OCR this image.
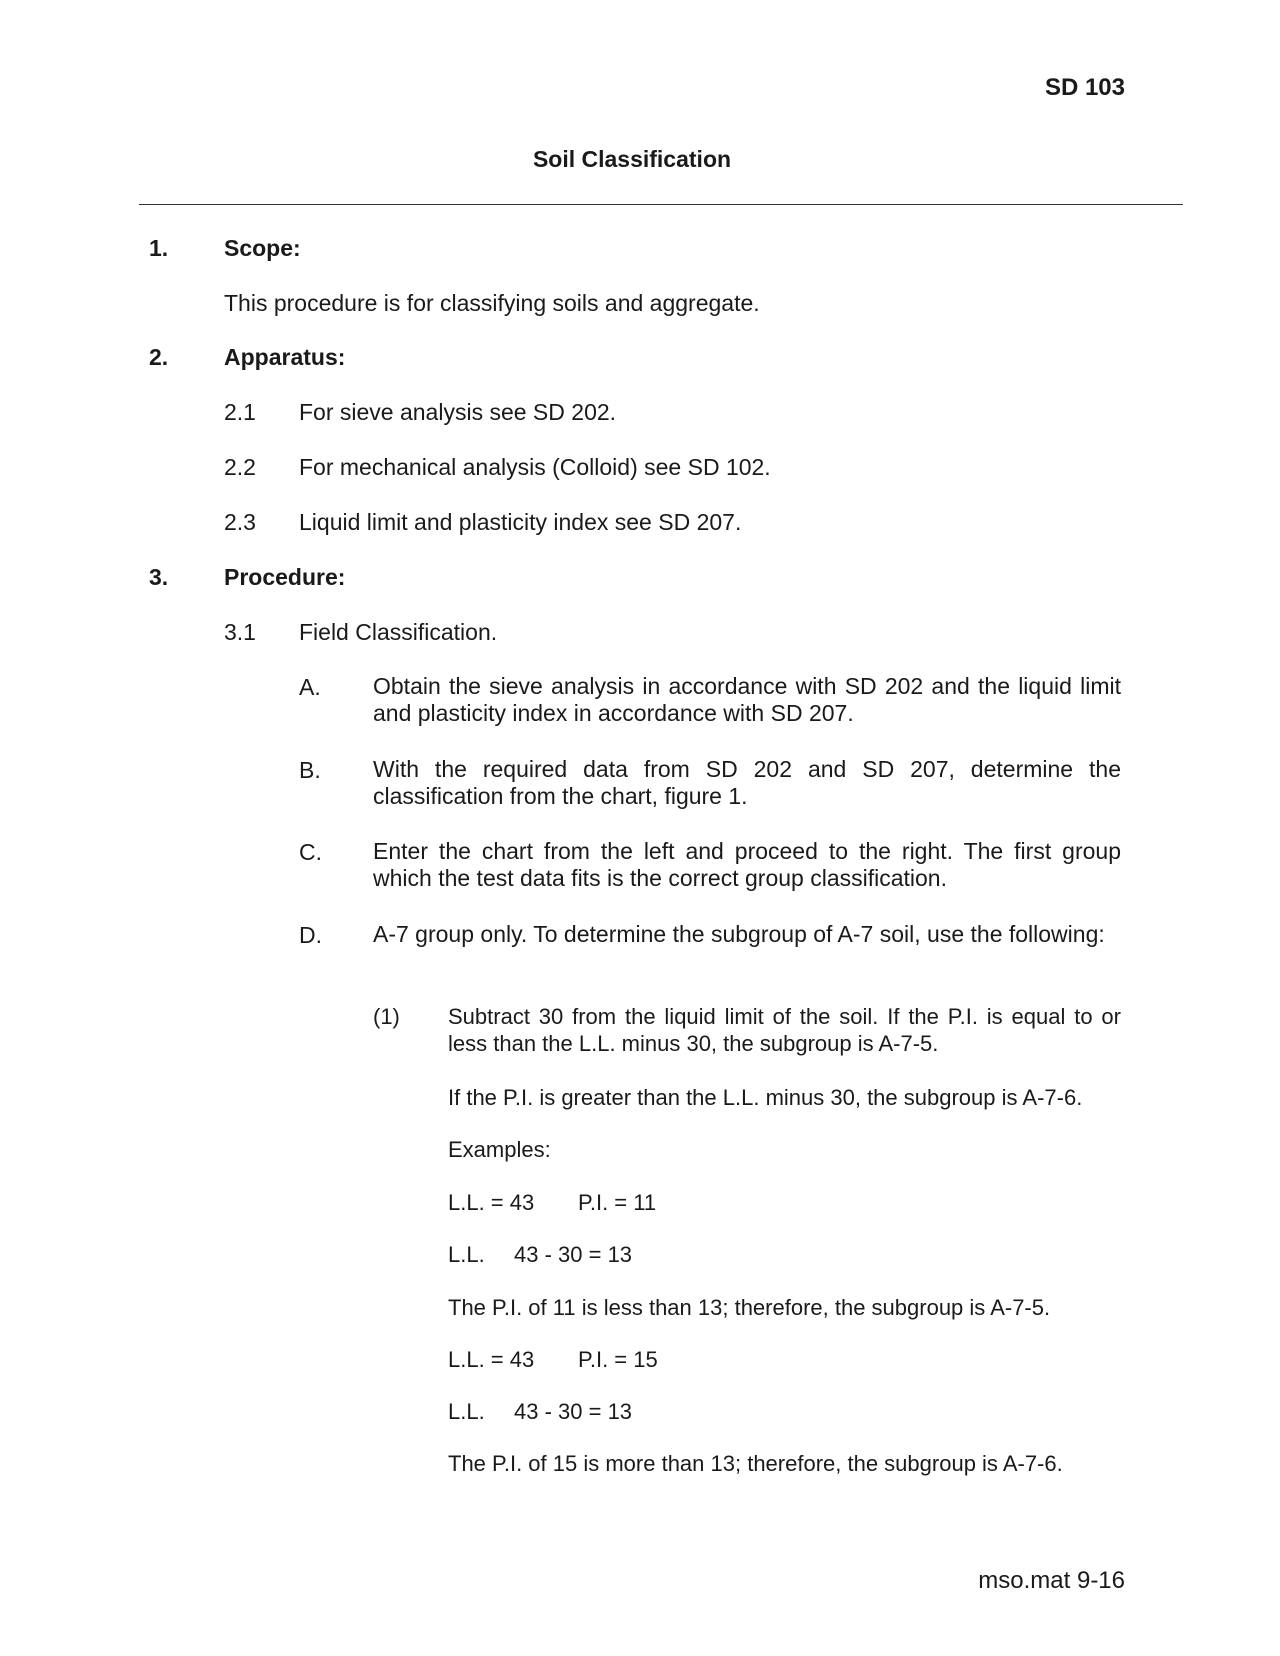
SD 103
Soil Classification
1. Scope:
This procedure is for classifying soils and aggregate.
2. Apparatus:
2.1 For sieve analysis see SD 202.
2.2 For mechanical analysis (Colloid) see SD 102.
2.3 Liquid limit and plasticity index see SD 207.
3. Procedure:
3.1 Field Classification.
A. Obtain the sieve analysis in accordance with SD 202 and the liquid limit and plasticity index in accordance with SD 207.
B. With the required data from SD 202 and SD 207, determine the classification from the chart, figure 1.
C. Enter the chart from the left and proceed to the right. The first group which the test data fits is the correct group classification.
D. A-7 group only. To determine the subgroup of A-7 soil, use the following:
(1) Subtract 30 from the liquid limit of the soil. If the P.I. is equal to or less than the L.L. minus 30, the subgroup is A-7-5.
If the P.I. is greater than the L.L. minus 30, the subgroup is A-7-6.
Examples:
L.L. = 43 P.I. = 11
L.L. 43 - 30 = 13
The P.I. of 11 is less than 13; therefore, the subgroup is A-7-5.
L.L. = 43 P.I. = 15
L.L. 43 - 30 = 13
The P.I. of 15 is more than 13; therefore, the subgroup is A-7-6.
mso.mat 9-16
